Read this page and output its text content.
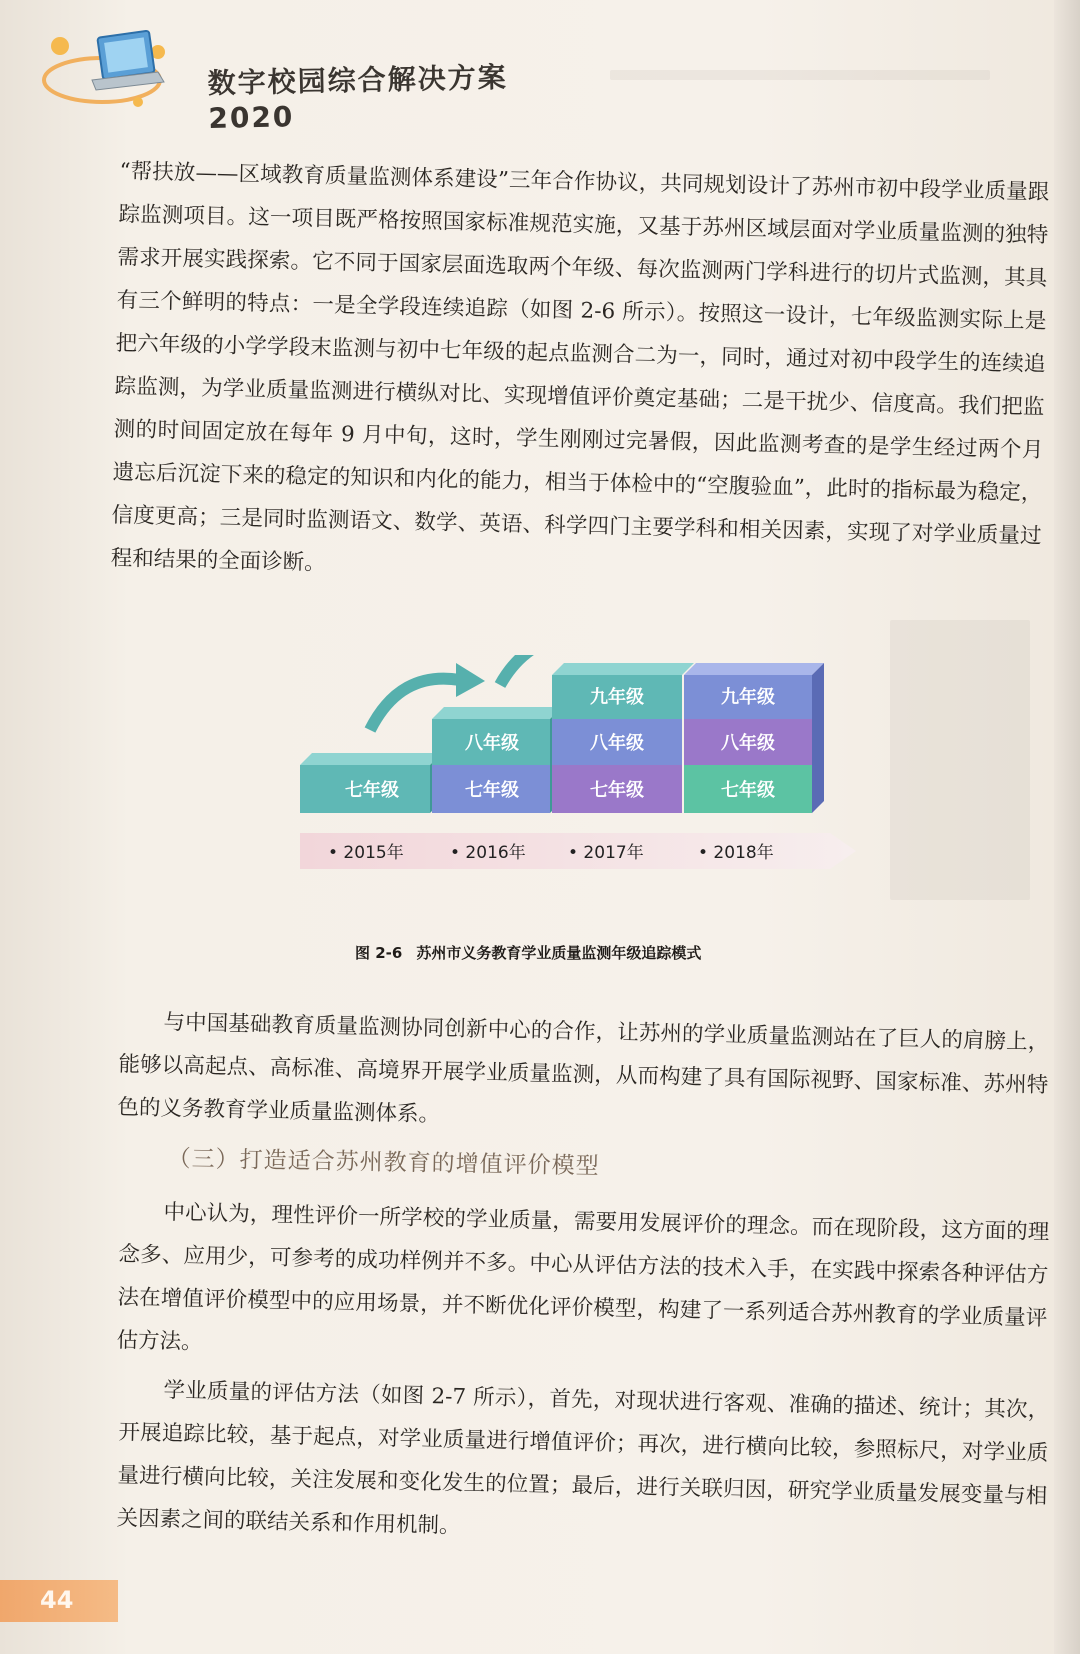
数字校园综合解决方案 2020

“帮扶放——区域教育质量监测体系建设”三年合作协议，共同规划设计了苏州市初中段学业质量跟踪监测项目。这一项目既严格按照国家标准规范实施，又基于苏州区域层面对学业质量监测的独特需求开展实践探索。它不同于国家层面选取两个年级、每次监测两门学科进行的切片式监测，其具有三个鲜明的特点：一是全学段连续追踪（如图 2-6 所示）。按照这一设计，七年级监测实际上是把六年级的小学学段末监测与初中七年级的起点监测合二为一，同时，通过对初中段学生的连续追踪监测，为学业质量监测进行横纵对比、实现增值评价奠定基础；二是干扰少、信度高。我们把监测的时间固定放在每年 9 月中旬，这时，学生刚刚过完暑假，因此监测考查的是学生经过两个月遗忘后沉淀下来的稳定的知识和内化的能力，相当于体检中的“空腹验血”，此时的指标最为稳定，信度更高；三是同时监测语文、数学、英语、科学四门主要学科和相关因素，实现了对学业质量过程和结果的全面诊断。

七年级	七年级
八年级
七年级
八年级
九年级
七年级
八年级
九年级
• 2015年	• 2016年 • 2017年	• 2018年
图 2-6 苏州市义务教育学业质量监测年级追踪模式

与中国基础教育质量监测协同创新中心的合作，让苏州的学业质量监测站在了巨人的肩膀上，能够以高起点、高标准、高境界开展学业质量监测，从而构建了具有国际视野、国家标准、苏州特色的义务教育学业质量监测体系。

（三）打造适合苏州教育的增值评价模型

中心认为，理性评价一所学校的学业质量，需要用发展评价的理念。而在现阶段，这方面的理念多、应用少，可参考的成功样例并不多。中心从评估方法的技术入手，在实践中探索各种评估方法在增值评价模型中的应用场景，并不断优化评价模型，构建了一系列适合苏州教育的学业质量评估方法。

学业质量的评估方法（如图 2-7 所示），首先，对现状进行客观、准确的描述、统计；其次，开展追踪比较，基于起点，对学业质量进行增值评价；再次，进行横向比较，参照标尺，对学业质量进行横向比较，关注发展和变化发生的位置；最后，进行关联归因，研究学业质量发展变量与相关因素之间的联结关系和作用机制。

44
